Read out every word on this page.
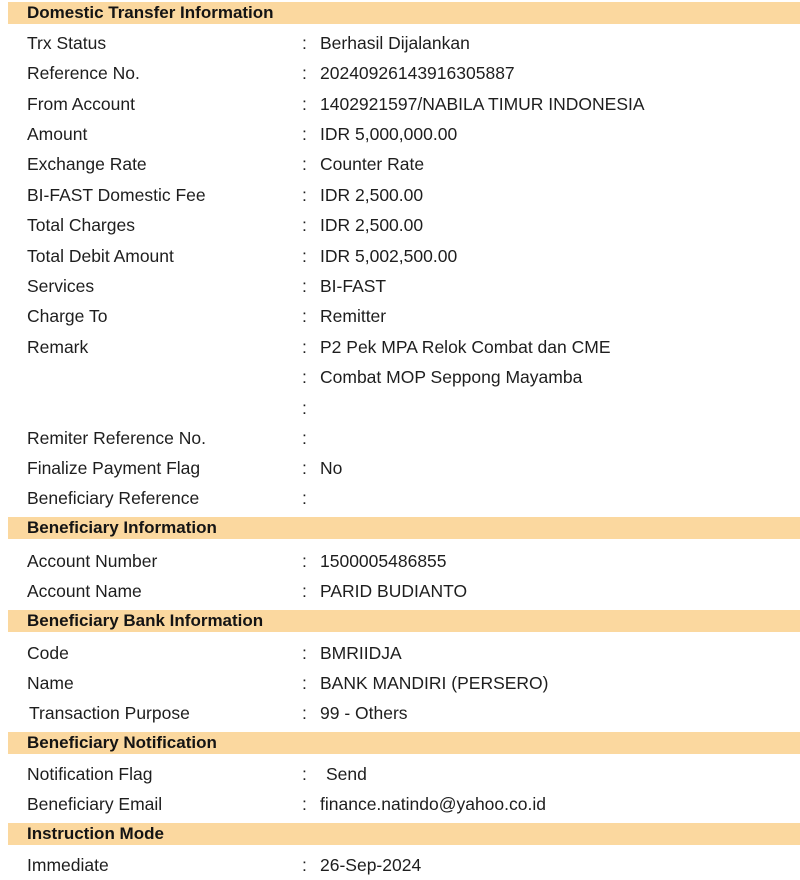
Domestic Transfer Information
Trx Status	: Berhasil Dijalankan
Reference No.	: 20240926143916305887
From Account	: 1402921597/NABILA TIMUR INDONESIA
Amount	: IDR 5,000,000.00
Exchange Rate	: Counter Rate
BI-FAST Domestic Fee	: IDR 2,500.00
Total Charges	: IDR 2,500.00
Total Debit Amount	: IDR 5,002,500.00
Services	: BI-FAST
Charge To	: Remitter
Remark	: P2 Pek MPA Relok Combat dan CME
: Combat MOP Seppong Mayamba
:
Remiter Reference No.	:
Finalize Payment Flag	: No
Beneficiary Reference	:
Beneficiary Information
Account Number	: 1500005486855
Account Name	: PARID BUDIANTO
Beneficiary Bank Information
Code	: BMRIIDJA
Name	: BANK MANDIRI (PERSERO)
Transaction Purpose	: 99 - Others
Beneficiary Notification
Notification Flag	: Send
Beneficiary Email	: finance.natindo@yahoo.co.id
Instruction Mode
Immediate	: 26-Sep-2024
